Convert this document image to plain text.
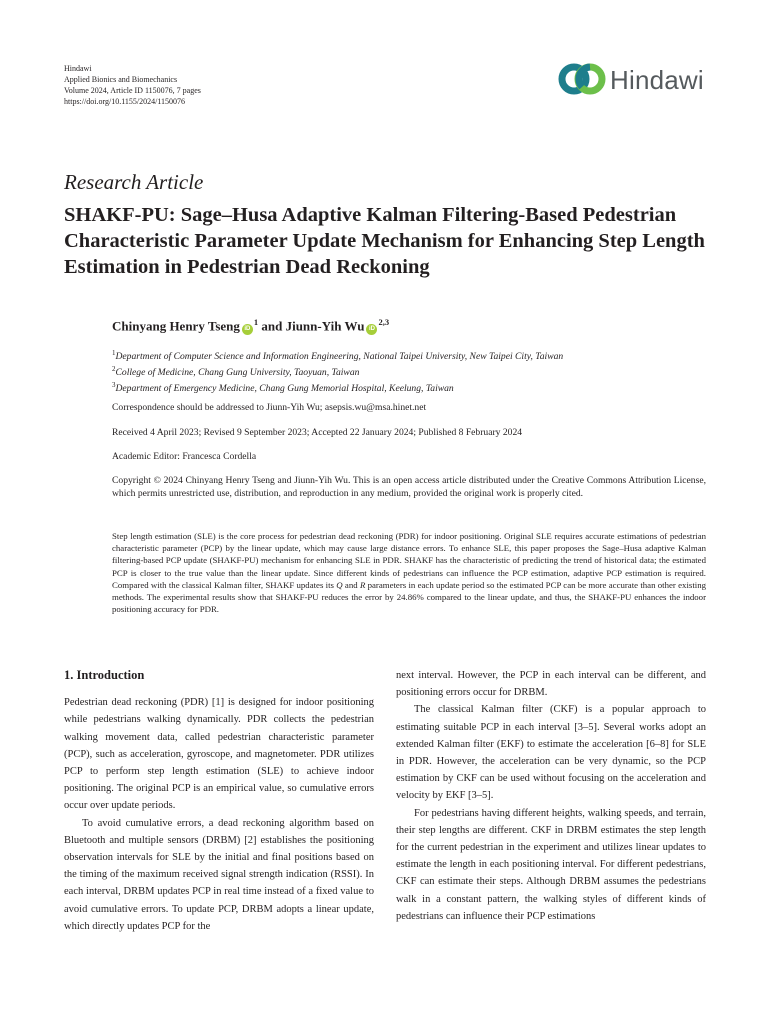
Hindawi
Applied Bionics and Biomechanics
Volume 2024, Article ID 1150076, 7 pages
https://doi.org/10.1155/2024/1150076
Hindawi
Research Article
SHAKF-PU: Sage–Husa Adaptive Kalman Filtering-Based Pedestrian Characteristic Parameter Update Mechanism for Enhancing Step Length Estimation in Pedestrian Dead Reckoning
Chinyang Henry Tseng $iD^1$ and Jiunn-Yih Wu iD$^{2,3}$
$^1$Department of Computer Science and Information Engineering, National Taipei University, New Taipei City, Taiwan
$^2$College of Medicine, Chang Gung University, Taoyuan, Taiwan
$^3$Department of Emergency Medicine, Chang Gung Memorial Hospital, Keelung, Taiwan
Correspondence should be addressed to Jiunn-Yih Wu; asepsis.wu@msa.hinet.net
Received 4 April 2023; Revised 9 September 2023; Accepted 22 January 2024; Published 8 February 2024
Academic Editor: Francesca Cordella
Copyright © 2024 Chinyang Henry Tseng and Jiunn-Yih Wu. This is an open access article distributed under the Creative Commons Attribution License, which permits unrestricted use, distribution, and reproduction in any medium, provided the original work is properly cited.
Step length estimation (SLE) is the core process for pedestrian dead reckoning (PDR) for indoor positioning. Original SLE requires accurate estimations of pedestrian characteristic parameter (PCP) by the linear update, which may cause large distance errors. To enhance SLE, this paper proposes the Sage–Husa adaptive Kalman filtering-based PCP update (SHAKF-PU) mechanism for enhancing SLE in PDR. SHAKF has the characteristic of predicting the trend of historical data; the estimated PCP is closer to the true value than the linear update. Since different kinds of pedestrians can influence the PCP estimation, adaptive PCP estimation is required. Compared with the classical Kalman filter, SHAKF updates its Q and R parameters in each update period so the estimated PCP can be more accurate than other existing methods. The experimental results show that SHAKF-PU reduces the error by 24.86% compared to the linear update, and thus, the SHAKF-PU enhances the indoor positioning accuracy for PDR.
1. Introduction

Pedestrian dead reckoning (PDR) [1] is designed for indoor positioning while pedestrians walking dynamically. PDR collects the pedestrian walking movement data, called pedestrian characteristic parameter (PCP), such as acceleration, gyroscope, and magnetometer. PDR utilizes PCP to perform step length estimation (SLE) to achieve indoor positioning. The original PCP is an empirical value, so cumulative errors occur over update periods.

To avoid cumulative errors, a dead reckoning algorithm based on Bluetooth and multiple sensors (DRBM) [2] establishes the positioning observation intervals for SLE by the initial and final positions based on the timing of the maximum received signal strength indication (RSSI). In each interval, DRBM updates PCP in real time instead of a fixed value to avoid cumulative errors. To update PCP, DRBM adopts a linear update, which directly updates PCP for the

next interval. However, the PCP in each interval can be different, and positioning errors occur for DRBM.

The classical Kalman filter (CKF) is a popular approach to estimating suitable PCP in each interval [3–5]. Several works adopt an extended Kalman filter (EKF) to estimate the acceleration [6–8] for SLE in PDR. However, the acceleration can be very dynamic, so the PCP estimation by CKF can be used without focusing on the acceleration and velocity by EKF [3–5].

For pedestrians having different heights, walking speeds, and terrain, their step lengths are different. CKF in DRBM estimates the step length for the current pedestrian in the experiment and utilizes linear updates to estimate the length in each positioning interval. For different pedestrians, CKF can estimate their steps. Although DRBM assumes the pedestrians walk in a constant pattern, the walking styles of different kinds of pedestrians can influence their PCP estimations
